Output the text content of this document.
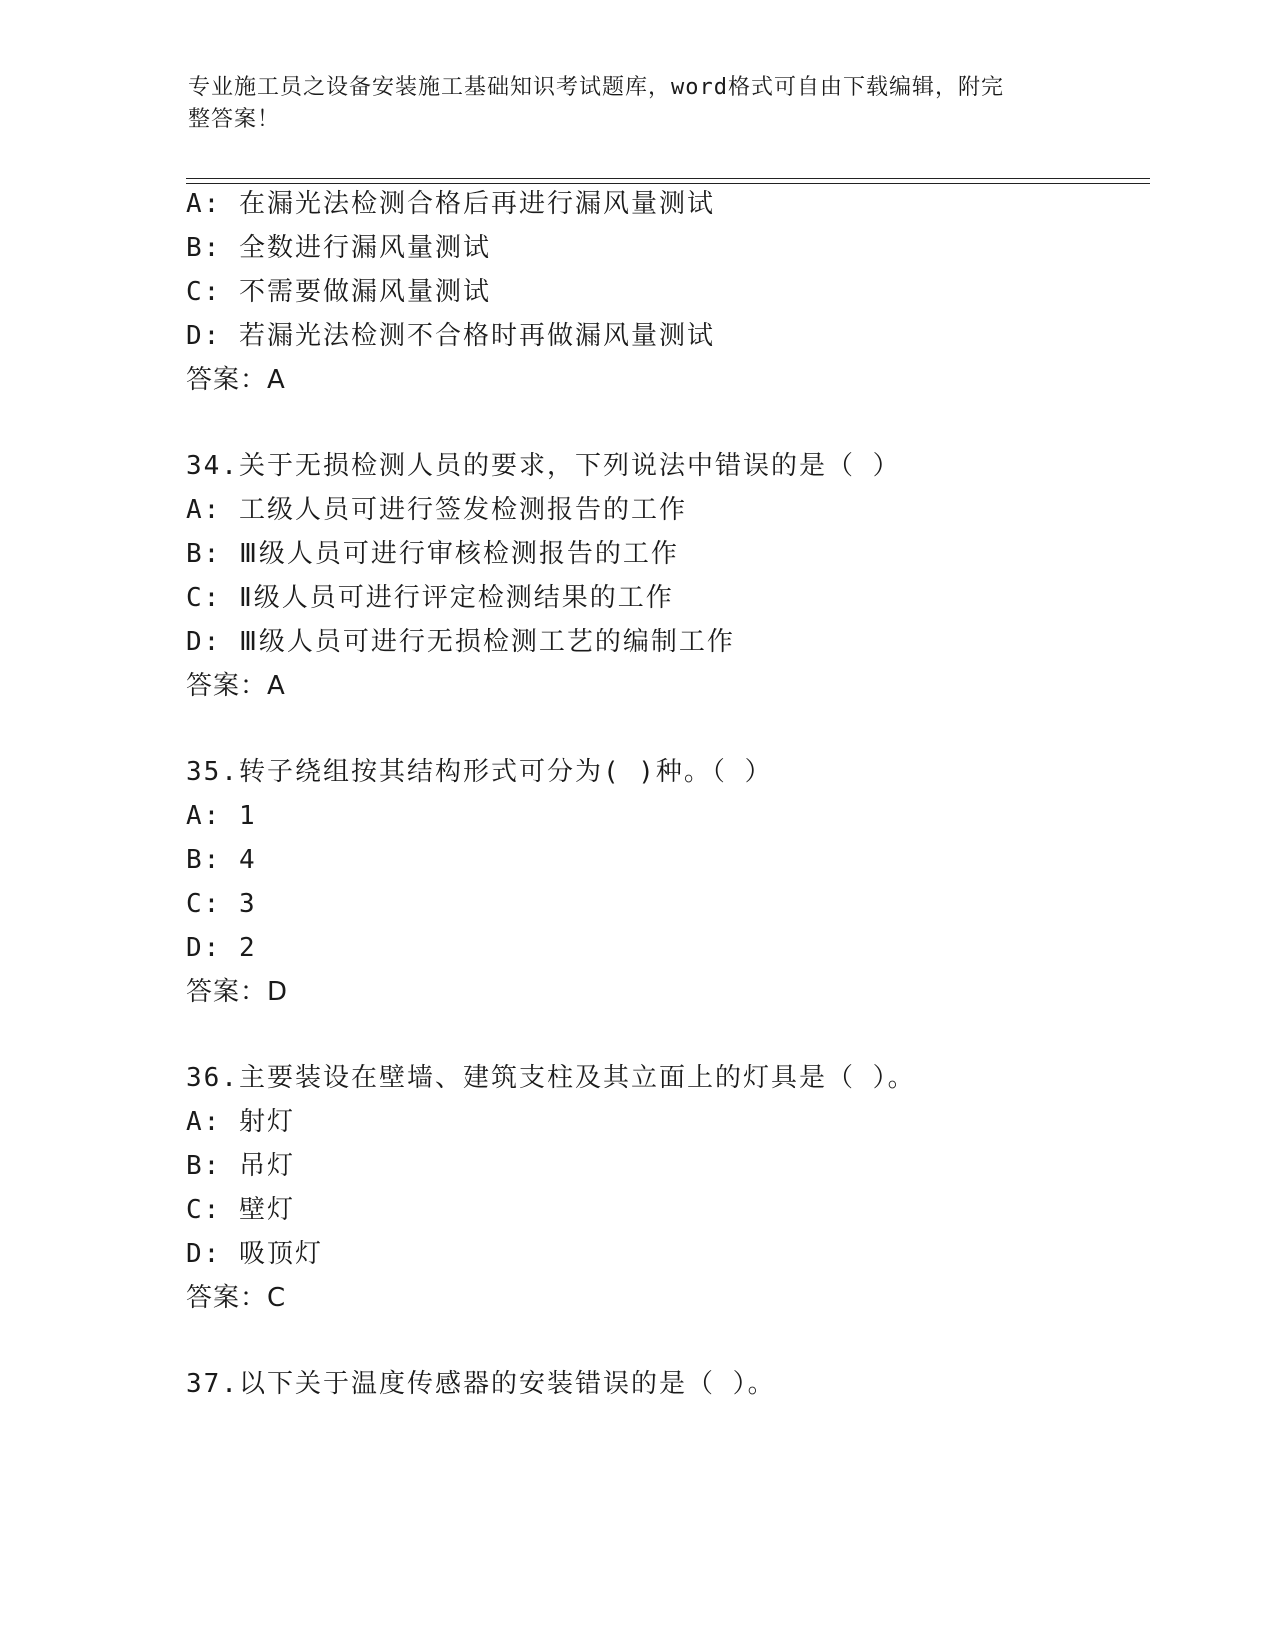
专业施工员之设备安装施工基础知识考试题库，word格式可自由下载编辑，附完
整答案！
A: 在漏光法检测合格后再进行漏风量测试
B: 全数进行漏风量测试
C: 不需要做漏风量测试
D: 若漏光法检测不合格时再做漏风量测试
答案：A
34.关于无损检测人员的要求，下列说法中错误的是（ ）
A: 工级人员可进行签发检测报告的工作
B: Ⅲ级人员可进行审核检测报告的工作
C: Ⅱ级人员可进行评定检测结果的工作
D: Ⅲ级人员可进行无损检测工艺的编制工作
答案：A
35.转子绕组按其结构形式可分为( )种。（ ）
A: 1
B: 4
C: 3
D: 2
答案：D
36.主要装设在壁墙、建筑支柱及其立面上的灯具是（ ）。
A: 射灯
B: 吊灯
C: 壁灯
D: 吸顶灯
答案：C
37.以下关于温度传感器的安装错误的是（ ）。
